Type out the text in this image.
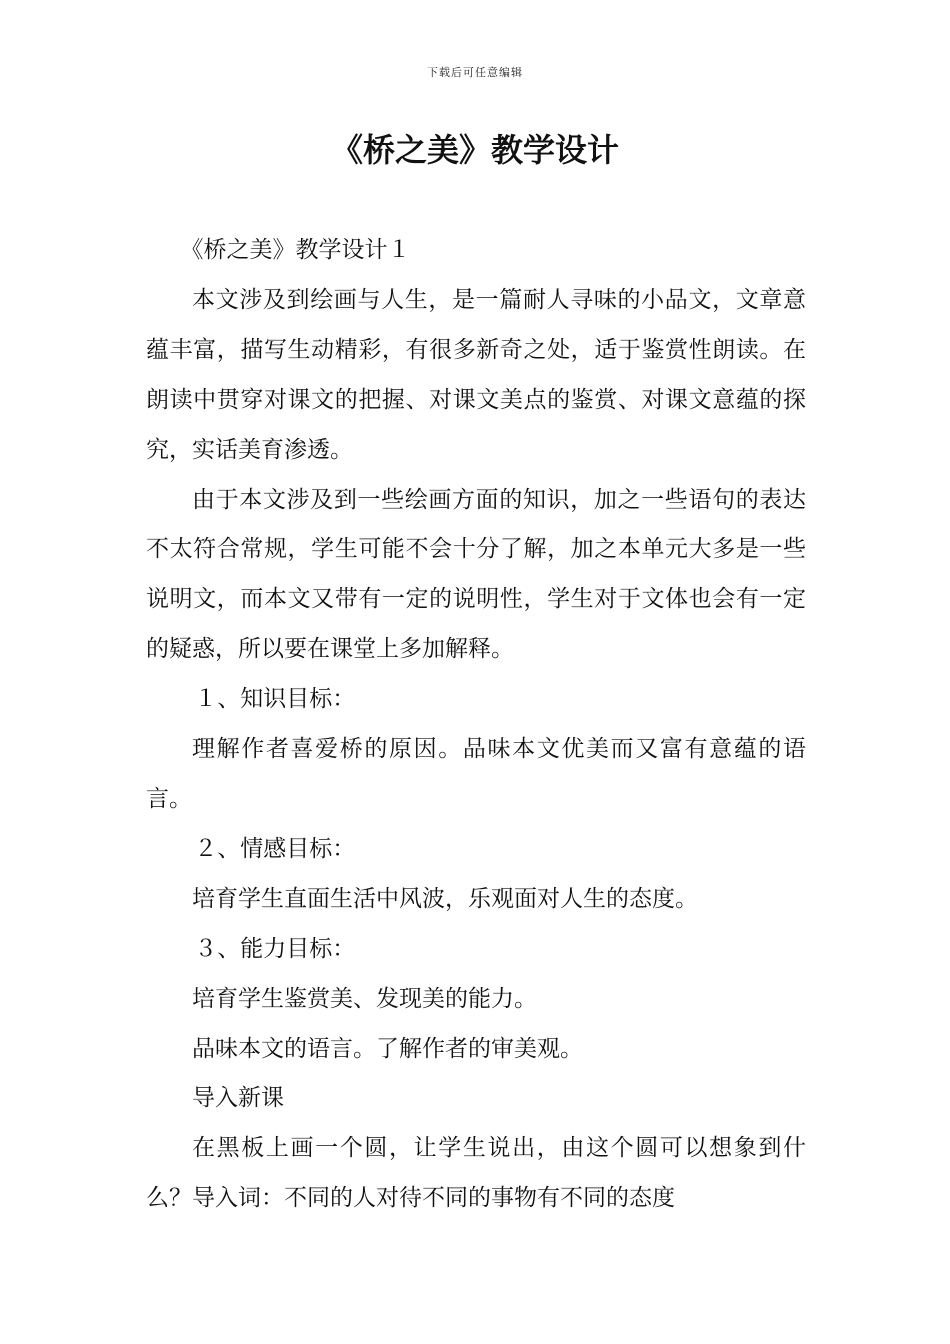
下载后可任意编辑
《桥之美》教学设计

《桥之美》教学设计１

本文涉及到绘画与人生，是一篇耐人寻味的小品文，文章意蕴丰富，描写生动精彩，有很多新奇之处，适于鉴赏性朗读。在朗读中贯穿对课文的把握、对课文美点的鉴赏、对课文意蕴的探究，实话美育渗透。

由于本文涉及到一些绘画方面的知识，加之一些语句的表达不太符合常规，学生可能不会十分了解，加之本单元大多是一些说明文，而本文又带有一定的说明性，学生对于文体也会有一定的疑惑，所以要在课堂上多加解释。

１、知识目标：

理解作者喜爱桥的原因。品味本文优美而又富有意蕴的语言。

２、情感目标：

培育学生直面生活中风波，乐观面对人生的态度。

３、能力目标：

培育学生鉴赏美、发现美的能力。

品味本文的语言。了解作者的审美观。

导入新课

在黑板上画一个圆，让学生说出，由这个圆可以想象到什么？导入词：不同的人对待不同的事物有不同的态度
